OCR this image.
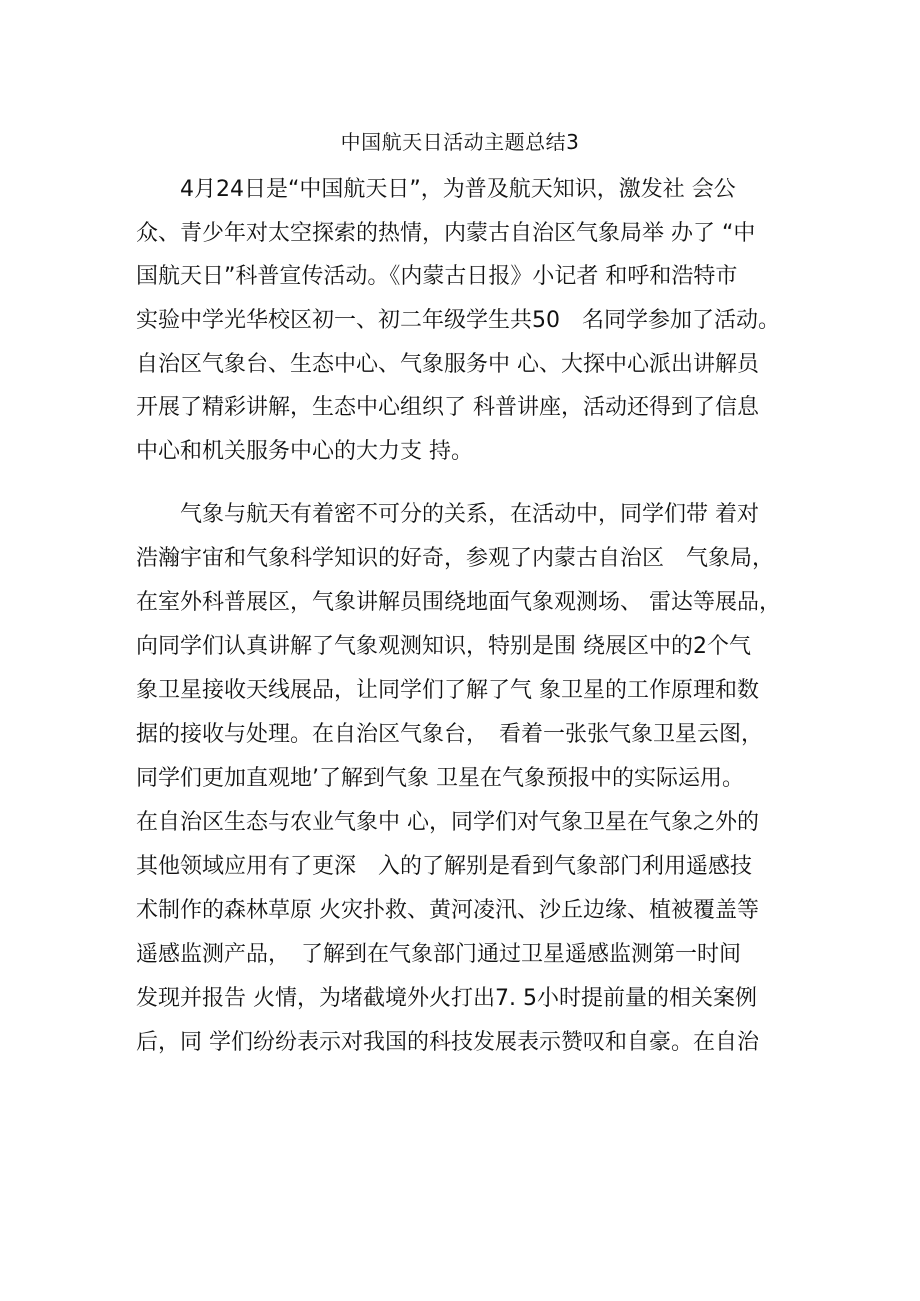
中国航天日活动主题总结3
　　4月24日是“中国航天日”，为普及航天知识，激发社 会公
众、青少年对太空探索的热情，内蒙古自治区气象局举 办了 “中
国航天日”科普宣传活动。《内蒙古日报》小记者 和呼和浩特市
实验中学光华校区初一、初二年级学生共50　名同学参加了活动。
自治区气象台、生态中心、气象服务中 心、大探中心派出讲解员
开展了精彩讲解，生态中心组织了 科普讲座，活动还得到了信息
中心和机关服务中心的大力支 持。
　　气象与航天有着密不可分的关系，在活动中，同学们带 着对
浩瀚宇宙和气象科学知识的好奇，参观了内蒙古自治区　气象局，
在室外科普展区，气象讲解员围绕地面气象观测场、 雷达等展品，
向同学们认真讲解了气象观测知识，特别是围 绕展区中的2个气
象卫星接收天线展品，让同学们了解了气 象卫星的工作原理和数
据的接收与处理。在自治区气象台，　看着一张张气象卫星云图，
同学们更加直观地’了解到气象 卫星在气象预报中的实际运用。
在自治区生态与农业气象中 心，同学们对气象卫星在气象之外的
其他领域应用有了更深　入的了解别是看到气象部门利用遥感技
术制作的森林草原 火灾扑救、黄河凌汛、沙丘边缘、植被覆盖等
遥感监测产品，　了解到在气象部门通过卫星遥感监测第一时间
发现并报告 火情，为堵截境外火打出7. 5小时提前量的相关案例
后，同 学们纷纷表示对我国的科技发展表示赞叹和自豪。在自治
